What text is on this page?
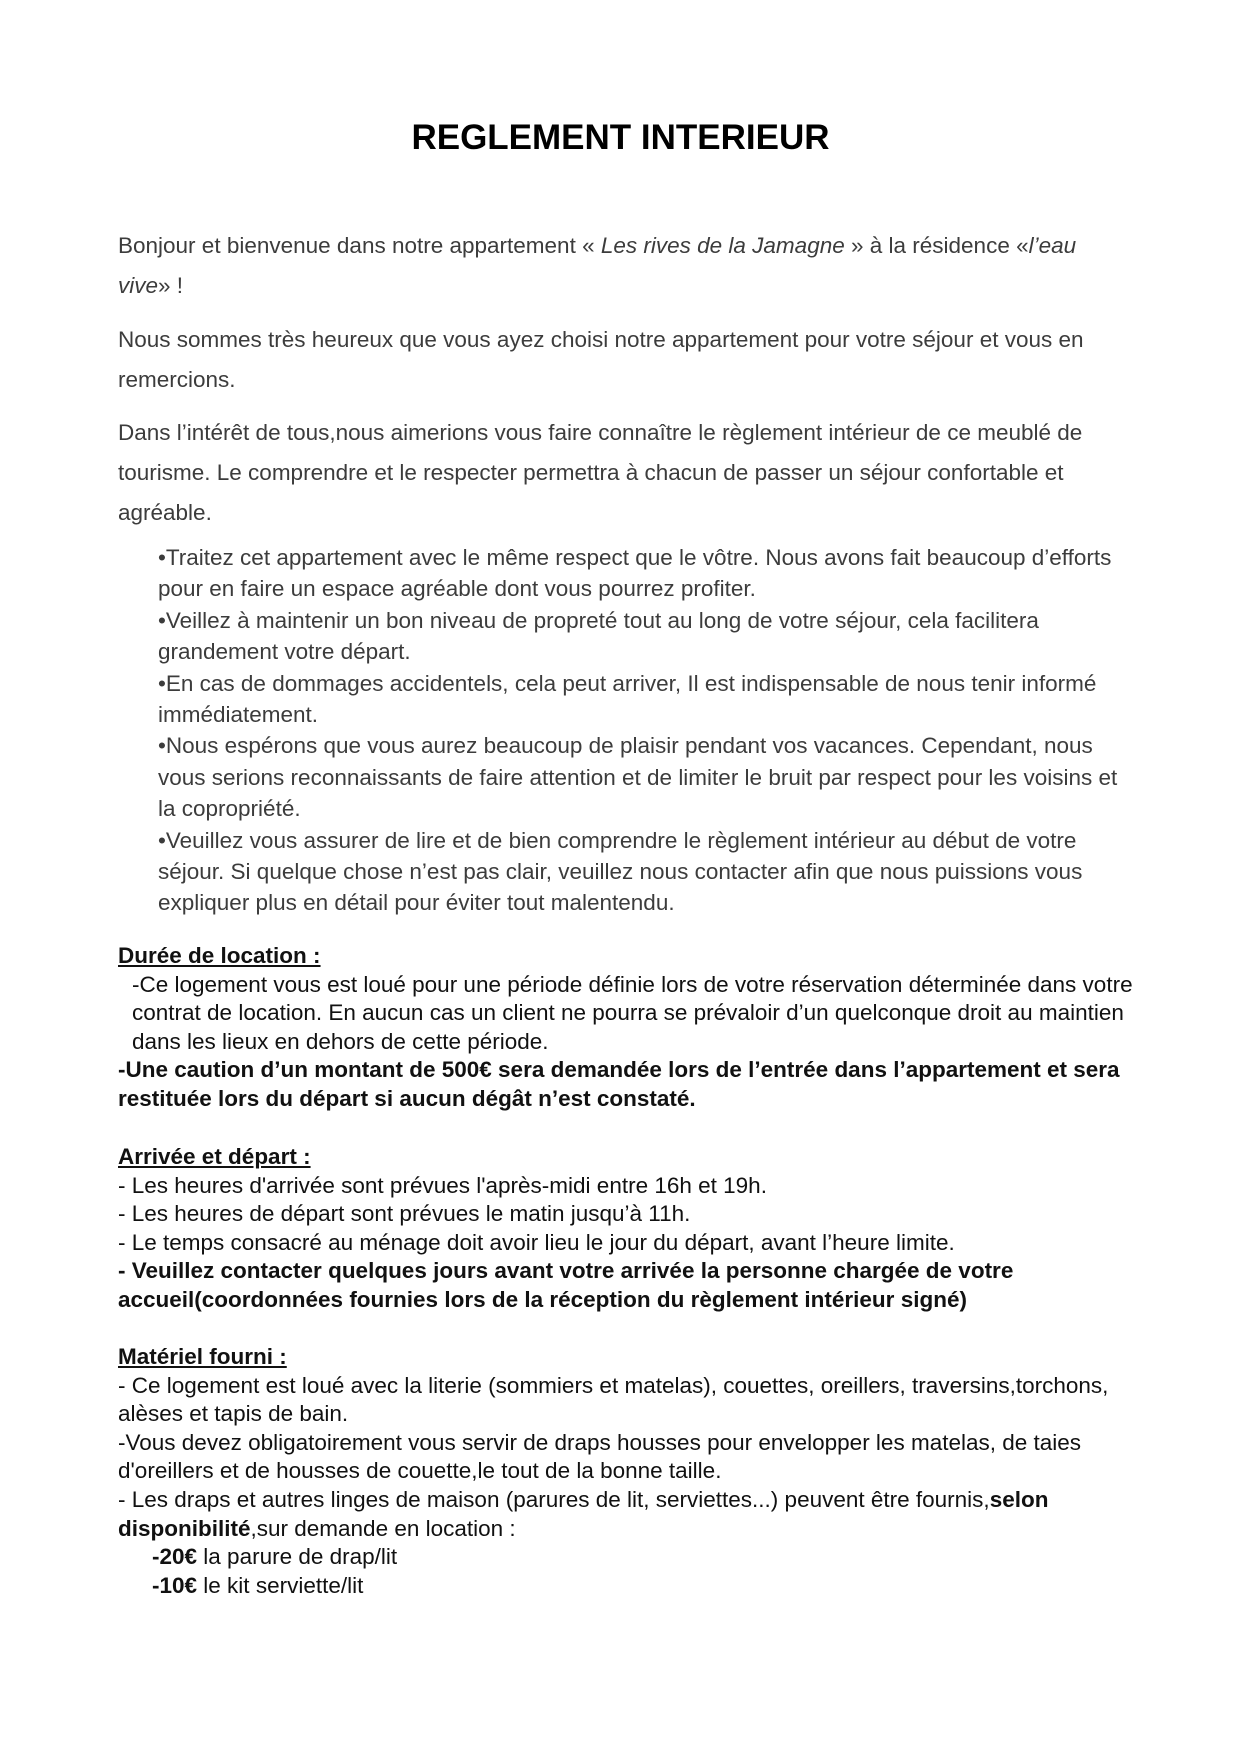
REGLEMENT INTERIEUR

Bonjour et bienvenue dans notre appartement « Les rives de la Jamagne » à la résidence «l’eau vive» !

Nous sommes très heureux que vous ayez choisi notre appartement pour votre séjour et vous en remercions.

Dans l’intérêt de tous,nous aimerions vous faire connaître le règlement intérieur de ce meublé de tourisme. Le comprendre et le respecter permettra à chacun de passer un séjour confortable et agréable.

•Traitez cet appartement avec le même respect que le vôtre. Nous avons fait beaucoup d’efforts pour en faire un espace agréable dont vous pourrez profiter.

•Veillez à maintenir un bon niveau de propreté tout au long de votre séjour, cela facilitera grandement votre départ.

•En cas de dommages accidentels, cela peut arriver, Il est indispensable de nous tenir informé immédiatement.

•Nous espérons que vous aurez beaucoup de plaisir pendant vos vacances. Cependant, nous vous serions reconnaissants de faire attention et de limiter le bruit par respect pour les voisins et la copropriété.

•Veuillez vous assurer de lire et de bien comprendre le règlement intérieur au début de votre séjour. Si quelque chose n’est pas clair, veuillez nous contacter afin que nous puissions vous expliquer plus en détail pour éviter tout malentendu.

Durée de location :

-Ce logement vous est loué pour une période définie lors de votre réservation déterminée dans votre contrat de location. En aucun cas un client ne pourra se prévaloir d’un quelconque droit au maintien dans les lieux en dehors de cette période.

-Une caution d’un montant de 500€ sera demandée lors de l’entrée dans l’appartement et sera restituée lors du départ si aucun dégât n’est constaté.

Arrivée et départ :

- Les heures d'arrivée sont prévues l'après-midi entre 16h et 19h.

- Les heures de départ sont prévues le matin jusqu’à 11h.

- Le temps consacré au ménage doit avoir lieu le jour du départ, avant l’heure limite.

- Veuillez contacter quelques jours avant votre arrivée la personne chargée de votre accueil(coordonnées fournies lors de la réception du règlement intérieur signé)

Matériel fourni :

- Ce logement est loué avec la literie (sommiers et matelas), couettes, oreillers, traversins,torchons, alèses et tapis de bain.

-Vous devez obligatoirement vous servir de draps housses pour envelopper les matelas, de taies d'oreillers et de housses de couette,le tout de la bonne taille.

- Les draps et autres linges de maison (parures de lit, serviettes...) peuvent être fournis,selon disponibilité,sur demande en location :

-20€ la parure de drap/lit

-10€ le kit serviette/lit
